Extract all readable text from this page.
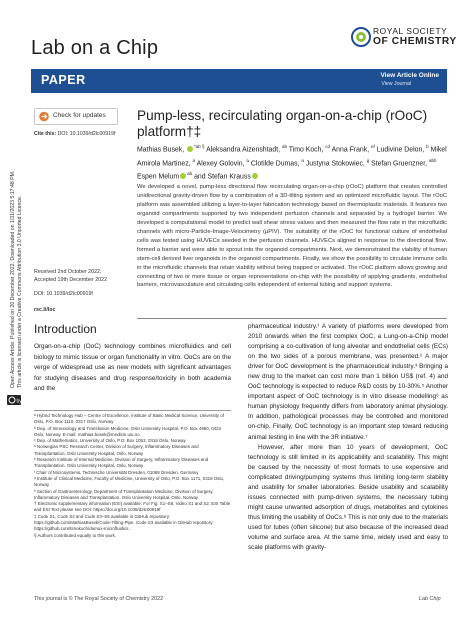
Lab on a Chip
ROYAL SOCIETY
OF CHEMISTRY
PAPER	View Article Online
View Journal
by
Open Access Article. Published on 20 December 2022. Downloaded on 1/31/2023 5:17:48 PM. This article is licensed under a Creative Commons Attribution 3.0 Unported Licence.
Check for updates
Cite this: DOI: 10.1039/d2lc00919f
Pump-less, recirculating organ-on-a-chip (rOoC)
platform†‡
Mathias Busek, $^{*ab \S}$ Aleksandra Aizenshtadt, $^{ab}$ Timo Koch, $^{cd}$ Anna Frank, $^{ef}$ Ludivine Delon, $^b$ Mikel Amirola Martinez, $^a$ Alexey Golovin, $^a$ Clotilde Dumas, $^a$ Justyna Stokowiec, $^g$ Stefan Gruenzner, $^{abh}$ Espen Melum $^{ab}$ and Stefan Krauss
We developed a novel, pump-less directional flow recirculating organ-on-a-chip (rOoC) platform that creates controlled unidirectional gravity-driven flow by a combination of a 3D-tilting system and an optimized microfluidic layout. The rOoC platform was assembled utilizing a layer-to-layer fabrication technology based on thermoplastic materials. It features two organoid compartments supported by two independent perfusion channels and separated by a hydrogel barrier. We developed a computational model to predict wall shear stress values and then measured the flow rate in the microfluidic channels with micro-Particle-Image-Velocimetry (µPIV). The suitability of the rOoC for functional culture of endothelial cells was tested using HUVECs seeded in the perfusion channels. HUVECs aligned in response to the directional flow, formed a barrier and were able to sprout into the organoid compartments. Next, we demonstrated the viability of human stem-cell derived liver organoids in the organoid compartments. Finally, we show the possibility to circulate immune cells in the microfluidic channels that retain viability without being trapped or activated. The rOoC platform allows growing and connecting of two or more tissue or organ representations on-chip with the possibility of applying gradients, endothelial barriers, microvasculature and circulating cells independent of external tubing and support systems.
Received 2nd October 2022,
Accepted 19th December 2022
DOI: 10.1039/d2lc00919f
rsc.li/loc
Introduction
Organ-on-a-chip (OoC) technology combines microfluidics and cell biology to mimic tissue or organ functionality in vitro. OoCs are on the verge of widespread use as new models with significant advantages for studying diseases and drug response/toxicity in both academia and the
ᵃ Hybrid Technology Hub – Centre of Excellence, Institute of Basic Medical Science, University of Oslo, P.O. Box 1110, 0317 Oslo, Norway
ᵇ Dep. of Immunology and Transfusion Medicine, Oslo University Hospital, P.O. Box 4950, 0424 Oslo, Norway. E-mail: mathias.busek@medisin.uio.no
ᶜ Dep. of Mathematics, University of Oslo, P.O. Box 1053, 0316 Oslo, Norway
ᵈ Norwegian PSC Research Center, Division of Surgery, Inflammatory Diseases and Transplantation, Oslo University Hospital, Oslo, Norway
ᵉ Research Institute of Internal Medicine, Division of Surgery, Inflammatory Diseases and Transplantation, Oslo University Hospital, Oslo, Norway
ᶠ Chair of Microsystems, Technische Universität Dresden, 01069 Dresden, Germany
ᵍ Institute of Clinical Medicine, Faculty of Medicine, University of Oslo, P.O. Box 1171, 0318 Oslo, Norway
ʰ Section of Gastroenterology, Department of Transplantation Medicine, Division of Surgery, Inflammatory Diseases and Transplantation, Oslo University Hospital, Oslo, Norway
† Electronic supplementary information (ESI) available: For Fig. S1–S8, Video S1 and S2, ESI Table and ESI Text please see DOI: https://doi.org/10.1039/d2lc00919f
‡ Code S1, Code S2 and Code S3–S6 available in GitHub repository: https://github.com/MathiasBusek/Code-Tilting-Pipe. Code S3 available in GitHub repository: https://github.com/timokoch/dumux-microfluidics.
§ Authors contributed equally to this work.
pharmaceutical industry.¹ A variety of platforms were developed from 2010 onwards when the first complex OoC, a Lung-on-a-Chip model comprising a co-cultivation of lung alveolar and endothelial cells (ECs) on the two sides of a porous membrane, was presented.² A major driver for OoC development is the pharmaceutical industry.³ Bringing a new drug to the market can cost more than 1 billion US$ (ref. 4) and OoC technology is expected to reduce R&D costs by 10-30%.⁵ Another important aspect of OoC technology is in vitro disease modelling⁶ as human physiology frequently differs from laboratory animal physiology. In addition, pathological processes may be controlled and monitored on-chip. Finally, OoC technology is an important step toward reducing animal testing in line with the 3R initiative.⁷
However, after more than 10 years of development, OoC technology is still limited in its applicability and scalability. This might be caused by the necessity of most formats to use expensive and complicated driving/pumping systems thus limiting long-term stability and usability for smaller laboratories. Beside usability and scalability issues connected with pump-driven systems, the necessary tubing might cause unwanted adsorption of drugs, metabolites and cytokines thus limiting the usability of OoCs.⁸ This is not only due to the materials used for tubes (often silicone) but also because of the increased dead volume and surface area. At the same time, widely used and easy to scale platforms with gravity-
This journal is © The Royal Society of Chemistry 2022	Lab Chip
